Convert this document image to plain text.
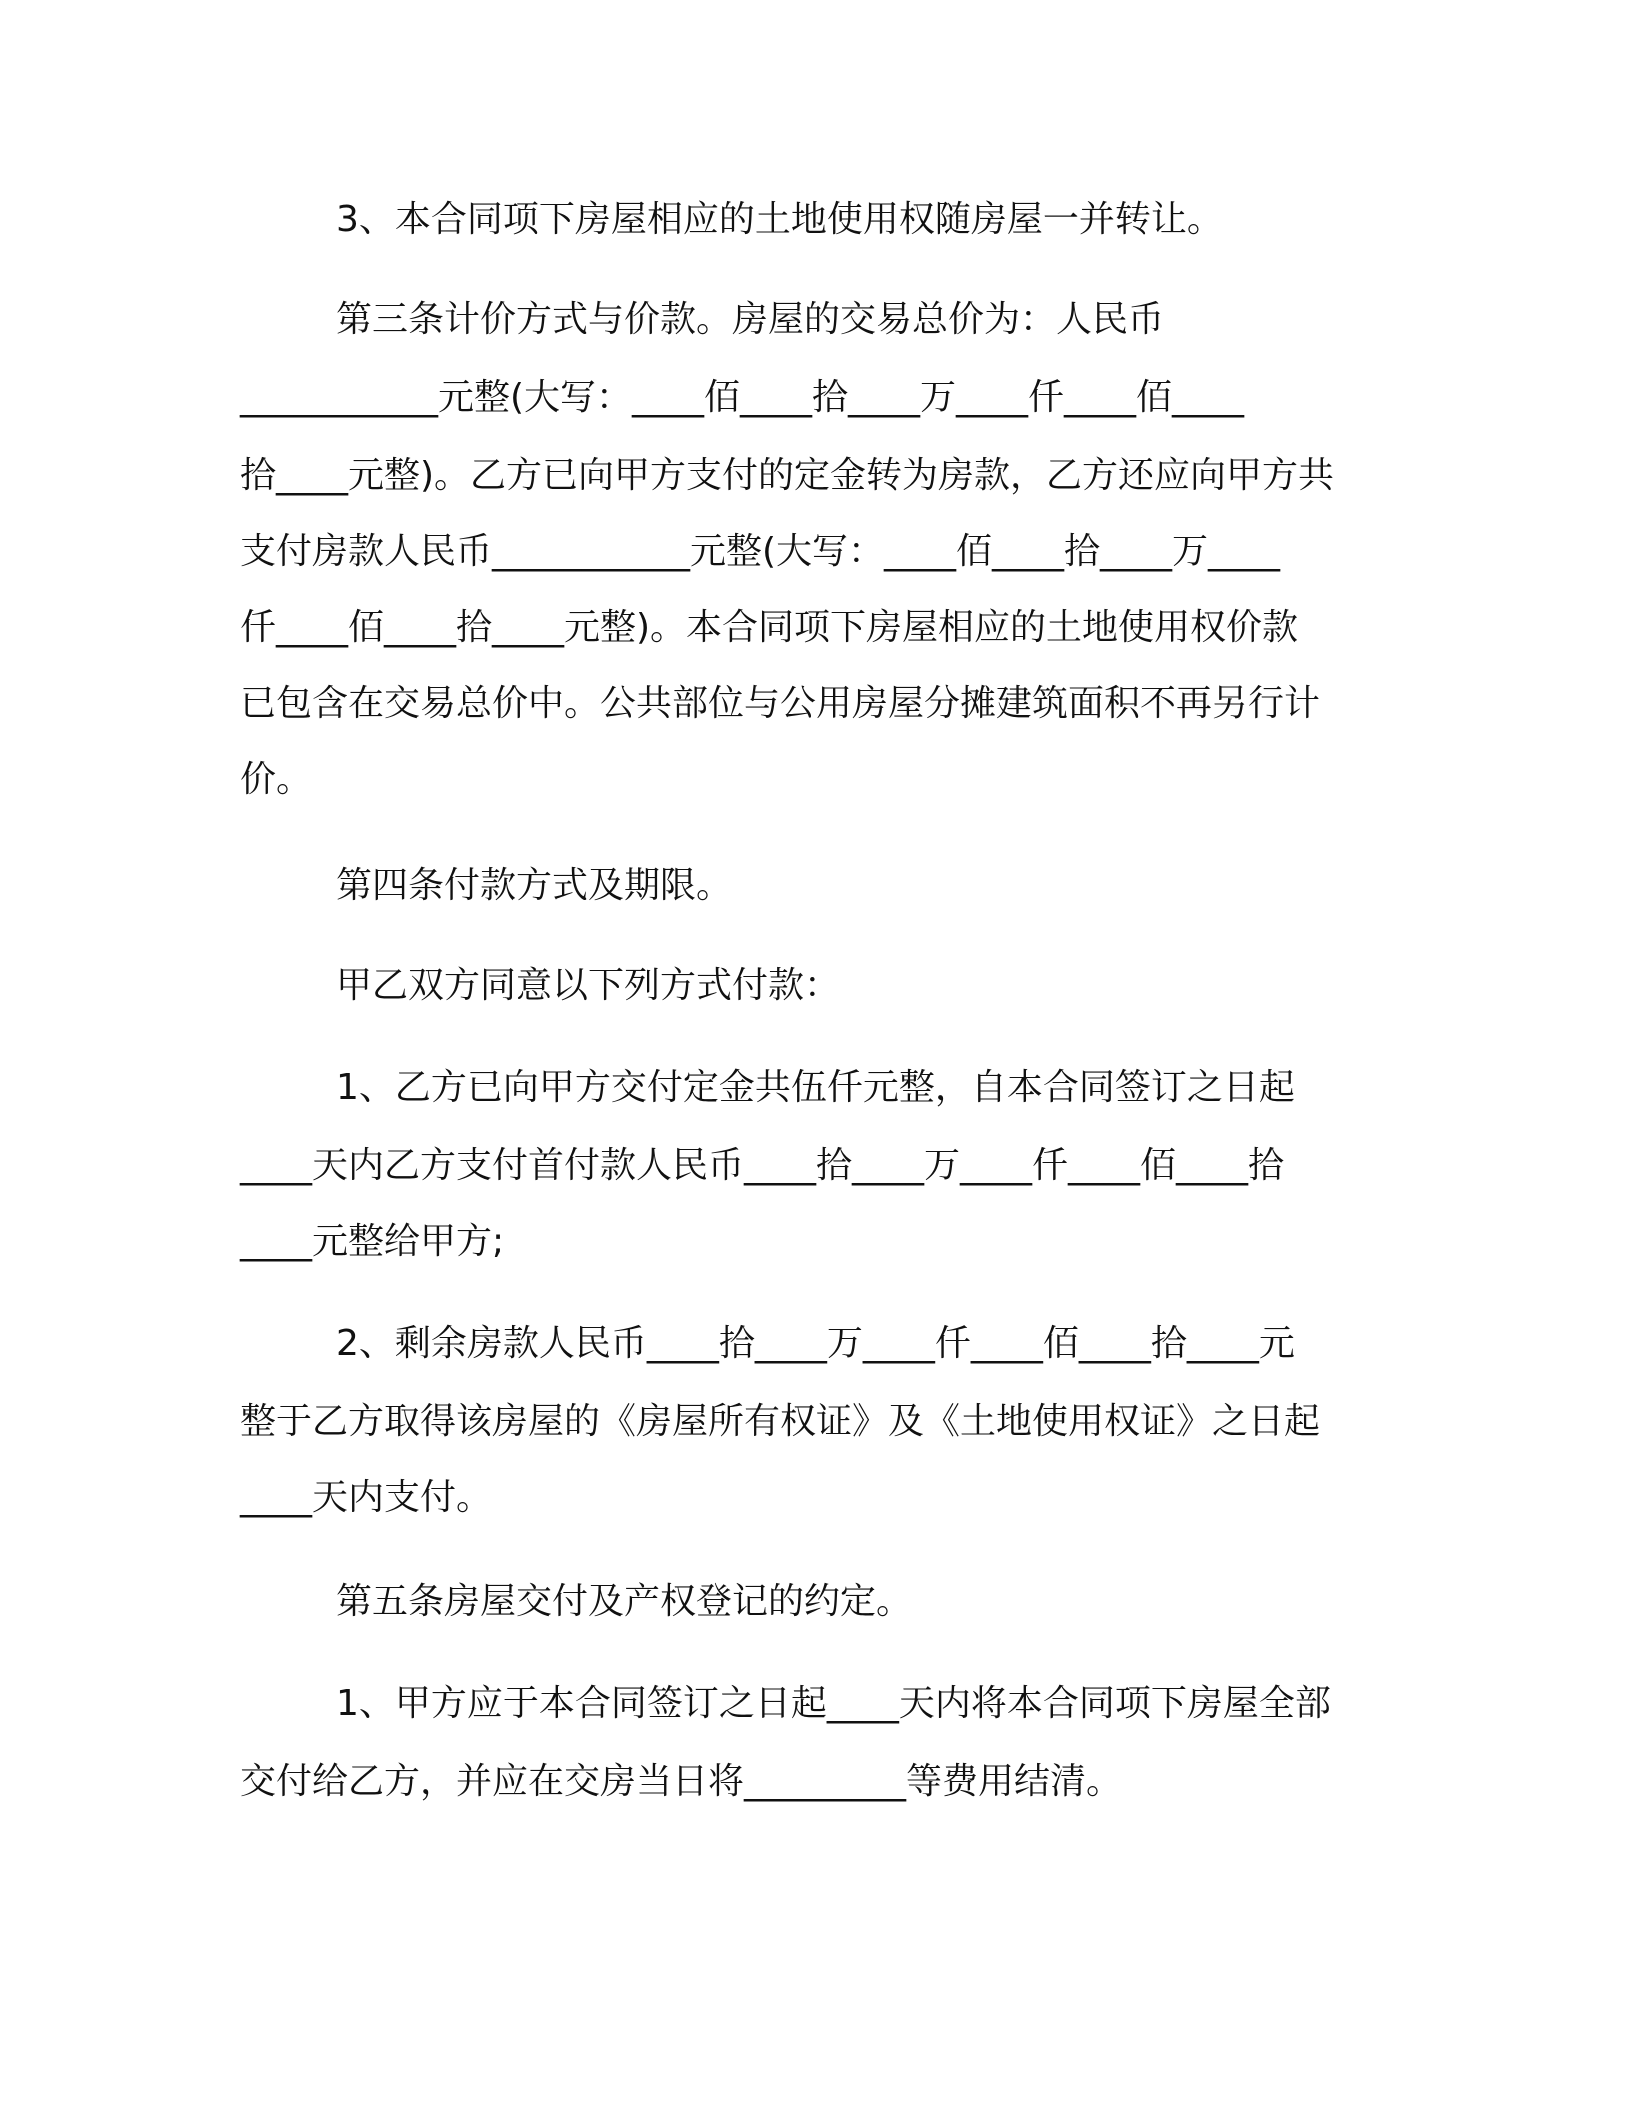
3、本合同项下房屋相应的土地使用权随房屋一并转让。
第三条计价方式与价款。房屋的交易总价为：人民币
___________元整(大写：____佰____拾____万____仟____佰____
拾____元整)。乙方已向甲方支付的定金转为房款，乙方还应向甲方共
支付房款人民币___________元整(大写：____佰____拾____万____
仟____佰____拾____元整)。本合同项下房屋相应的土地使用权价款
已包含在交易总价中。公共部位与公用房屋分摊建筑面积不再另行计
价。
第四条付款方式及期限。
甲乙双方同意以下列方式付款：
1、乙方已向甲方交付定金共伍仟元整，自本合同签订之日起
____天内乙方支付首付款人民币____拾____万____仟____佰____拾
____元整给甲方;
2、剩余房款人民币____拾____万____仟____佰____拾____元
整于乙方取得该房屋的《房屋所有权证》及《土地使用权证》之日起
____天内支付。
第五条房屋交付及产权登记的约定。
1、甲方应于本合同签订之日起____天内将本合同项下房屋全部
交付给乙方，并应在交房当日将_________等费用结清。
